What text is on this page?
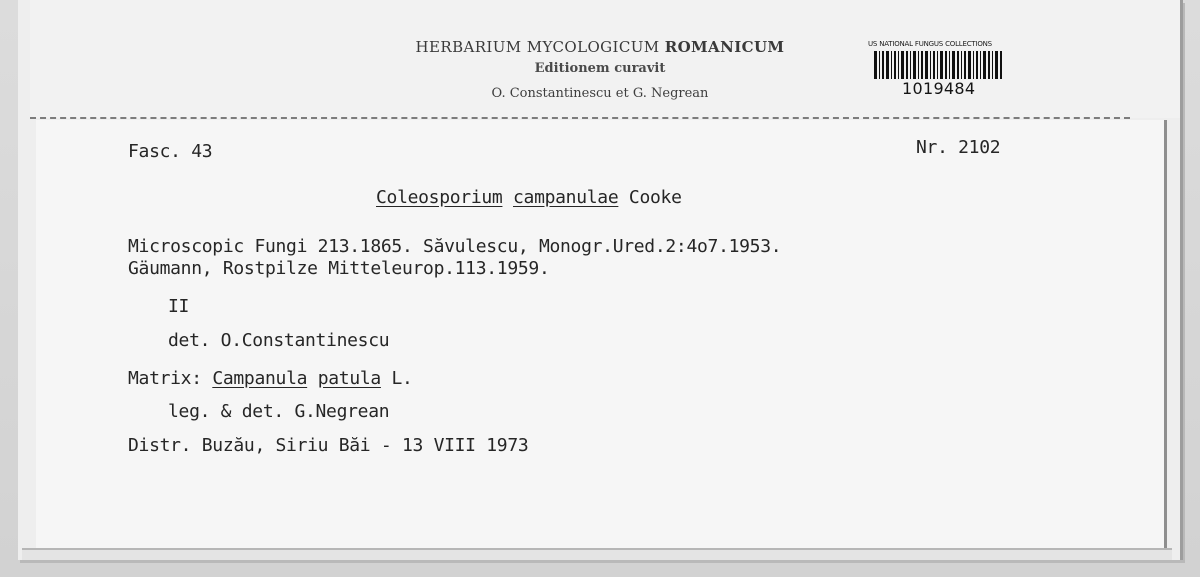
HERBARIUM MYCOLOGICUM ROMANICUM
Editionem curavit
O. Constantinescu et G. Negrean
US NATIONAL FUNGUS COLLECTIONS
1019484
Fasc. 43	Nr. 2102
Coleosporium campanulae Cooke
Microscopic Fungi 213.1865. Săvulescu, Monogr.Ured.2:4o7.1953.
Gäumann, Rostpilze Mitteleurop.113.1959.
II
det. O.Constantinescu
Matrix: Campanula patula L.
leg. & det. G.Negrean
Distr. Buzău, Siriu Băi - 13 VIII 1973
